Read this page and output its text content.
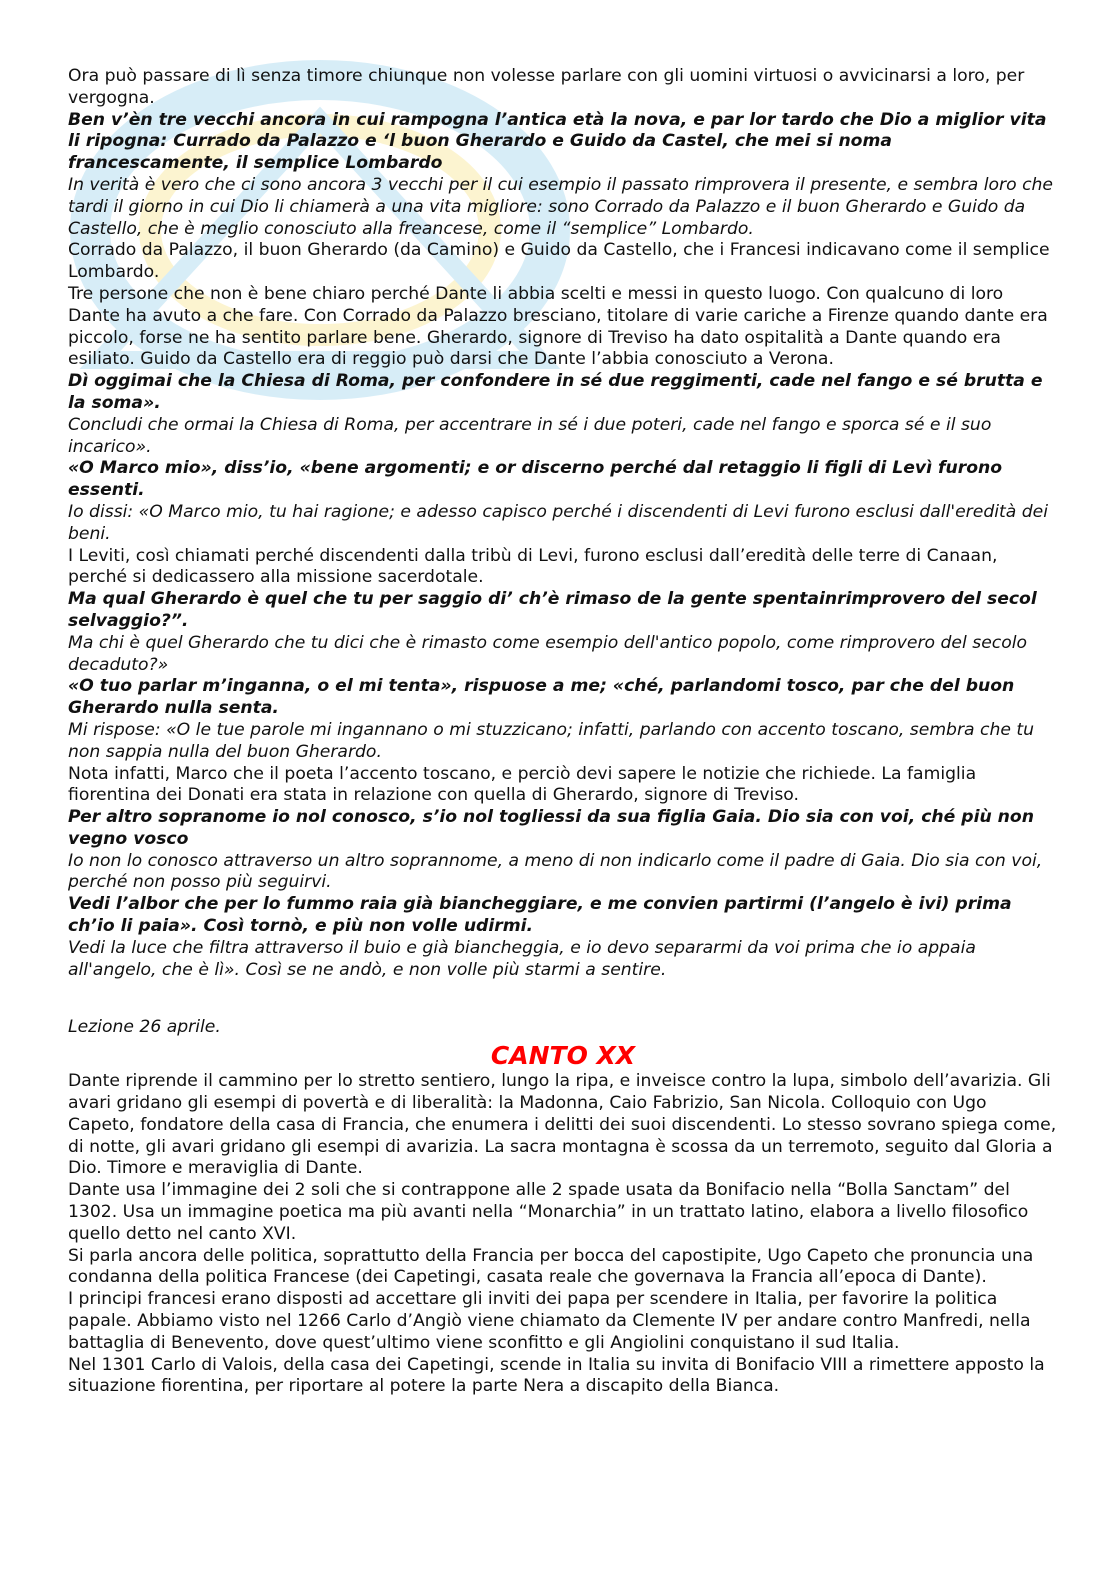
Ora può passare di lì senza timore chiunque non volesse parlare con gli uomini virtuosi o avvicinarsi a loro, per vergogna.

Ben v’èn tre vecchi ancora in cui rampogna l’antica età la nova, e par lor tardo che Dio a miglior vita li ripogna: Currado da Palazzo e ‘l buon Gherardo e Guido da Castel, che mei si noma francescamente, il semplice Lombardo

In verità è vero che ci sono ancora 3 vecchi per il cui esempio il passato rimprovera il presente, e sembra loro che tardi il giorno in cui Dio li chiamerà a una vita migliore: sono Corrado da Palazzo e il buon Gherardo e Guido da Castello, che è meglio conosciuto alla freancese, come il “semplice” Lombardo.

Corrado da Palazzo, il buon Gherardo (da Camino) e Guido da Castello, che i Francesi indicavano come il semplice Lombardo.

Tre persone che non è bene chiaro perché Dante li abbia scelti e messi in questo luogo. Con qualcuno di loro Dante ha avuto a che fare. Con Corrado da Palazzo bresciano, titolare di varie cariche a Firenze quando dante era piccolo, forse ne ha sentito parlare bene. Gherardo, signore di Treviso ha dato ospitalità a Dante quando era esiliato. Guido da Castello era di reggio può darsi che Dante l’abbia conosciuto a Verona.

Dì oggimai che la Chiesa di Roma, per confondere in sé due reggimenti, cade nel fango e sé brutta e la soma».

Concludi che ormai la Chiesa di Roma, per accentrare in sé i due poteri, cade nel fango e sporca sé e il suo incarico».

«O Marco mio», diss’io, «bene argomenti; e or discerno perché dal retaggio li figli di Levì furono essenti.

Io dissi: «O Marco mio, tu hai ragione; e adesso capisco perché i discendenti di Levi furono esclusi dall'eredità dei beni.

I Leviti, così chiamati perché discendenti dalla tribù di Levi, furono esclusi dall’eredità delle terre di Canaan, perché si dedicassero alla missione sacerdotale.

Ma qual Gherardo è quel che tu per saggio di’ ch’è rimaso de la gente spentainrimprovero del secol selvaggio?”.

Ma chi è quel Gherardo che tu dici che è rimasto come esempio dell'antico popolo, come rimprovero del secolo decaduto?»

«O tuo parlar m’inganna, o el mi tenta», rispuose a me; «ché, parlandomi tosco, par che del buon Gherardo nulla senta.

Mi rispose: «O le tue parole mi ingannano o mi stuzzicano; infatti, parlando con accento toscano, sembra che tu non sappia nulla del buon Gherardo.

Nota infatti, Marco che il poeta l’accento toscano, e perciò devi sapere le notizie che richiede. La famiglia fiorentina dei Donati era stata in relazione con quella di Gherardo, signore di Treviso.

Per altro sopranome io nol conosco, s’io nol togliessi da sua figlia Gaia. Dio sia con voi, ché più non vegno vosco

Io non lo conosco attraverso un altro soprannome, a meno di non indicarlo come il padre di Gaia. Dio sia con voi, perché non posso più seguirvi.

Vedi l’albor che per lo fummo raia già biancheggiare, e me convien partirmi (l’angelo è ivi) prima ch’io li paia». Così tornò, e più non volle udirmi.

Vedi la luce che filtra attraverso il buio e già biancheggia, e io devo separarmi da voi prima che io appaia all'angelo, che è lì». Così se ne andò, e non volle più starmi a sentire.

Lezione 26 aprile.

CANTO XX

Dante riprende il cammino per lo stretto sentiero, lungo la ripa, e inveisce contro la lupa, simbolo dell’avarizia. Gli avari gridano gli esempi di povertà e di liberalità: la Madonna, Caio Fabrizio, San Nicola. Colloquio con Ugo Capeto, fondatore della casa di Francia, che enumera i delitti dei suoi discendenti. Lo stesso sovrano spiega come, di notte, gli avari gridano gli esempi di avarizia. La sacra montagna è scossa da un terremoto, seguito dal Gloria a Dio. Timore e meraviglia di Dante.

Dante usa l’immagine dei 2 soli che si contrappone alle 2 spade usata da Bonifacio nella “Bolla Sanctam” del 1302. Usa un immagine poetica ma più avanti nella “Monarchia” in un trattato latino, elabora a livello filosofico quello detto nel canto XVI.

Si parla ancora delle politica, soprattutto della Francia per bocca del capostipite, Ugo Capeto che pronuncia una condanna della politica Francese (dei Capetingi, casata reale che governava la Francia all’epoca di Dante).

I principi francesi erano disposti ad accettare gli inviti dei papa per scendere in Italia, per favorire la politica papale. Abbiamo visto nel 1266 Carlo d’Angiò viene chiamato da Clemente IV per andare contro Manfredi, nella battaglia di Benevento, dove quest’ultimo viene sconfitto e gli Angiolini conquistano il sud Italia.

Nel 1301 Carlo di Valois, della casa dei Capetingi, scende in Italia su invita di Bonifacio VIII a rimettere apposto la situazione fiorentina, per riportare al potere la parte Nera a discapito della Bianca.
